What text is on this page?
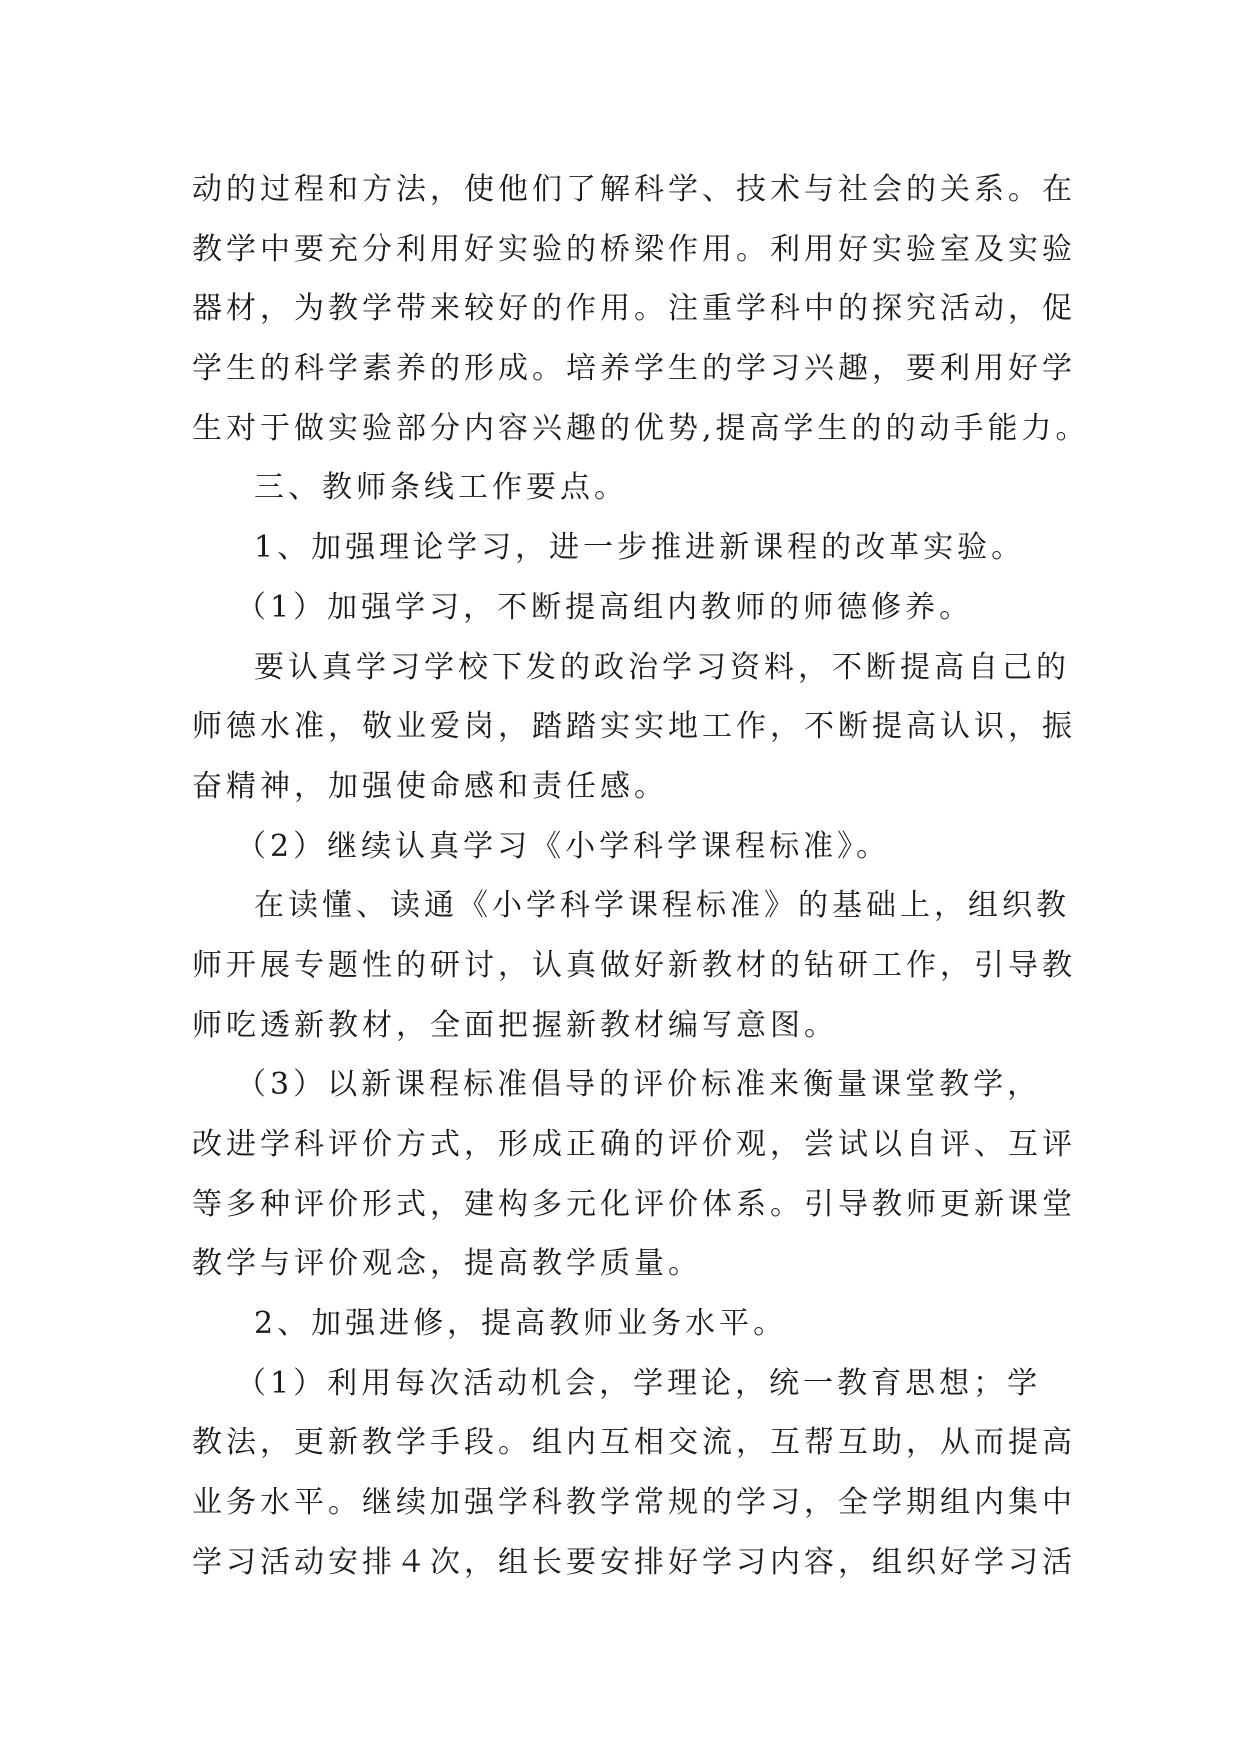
动的过程和方法，使他们了解科学、技术与社会的关系。在
教学中要充分利用好实验的桥梁作用。利用好实验室及实验
器材，为教学带来较好的作用。注重学科中的探究活动，促
学生的科学素养的形成。培养学生的学习兴趣，要利用好学
生对于做实验部分内容兴趣的优势,提高学生的的动手能力。
三、教师条线工作要点。
1、加强理论学习，进一步推进新课程的改革实验。
（1）加强学习，不断提高组内教师的师德修养。
要认真学习学校下发的政治学习资料，不断提高自己的
师德水准，敬业爱岗，踏踏实实地工作，不断提高认识，振
奋精神，加强使命感和责任感。
（2）继续认真学习《小学科学课程标准》。
在读懂、读通《小学科学课程标准》的基础上，组织教
师开展专题性的研讨，认真做好新教材的钻研工作，引导教
师吃透新教材，全面把握新教材编写意图。
（3）以新课程标准倡导的评价标准来衡量课堂教学，
改进学科评价方式，形成正确的评价观，尝试以自评、互评
等多种评价形式，建构多元化评价体系。引导教师更新课堂
教学与评价观念，提高教学质量。
2、加强进修，提高教师业务水平。
（1）利用每次活动机会，学理论，统一教育思想；学
教法，更新教学手段。组内互相交流，互帮互助，从而提高
业务水平。继续加强学科教学常规的学习，全学期组内集中
学习活动安排４次，组长要安排好学习内容，组织好学习活
